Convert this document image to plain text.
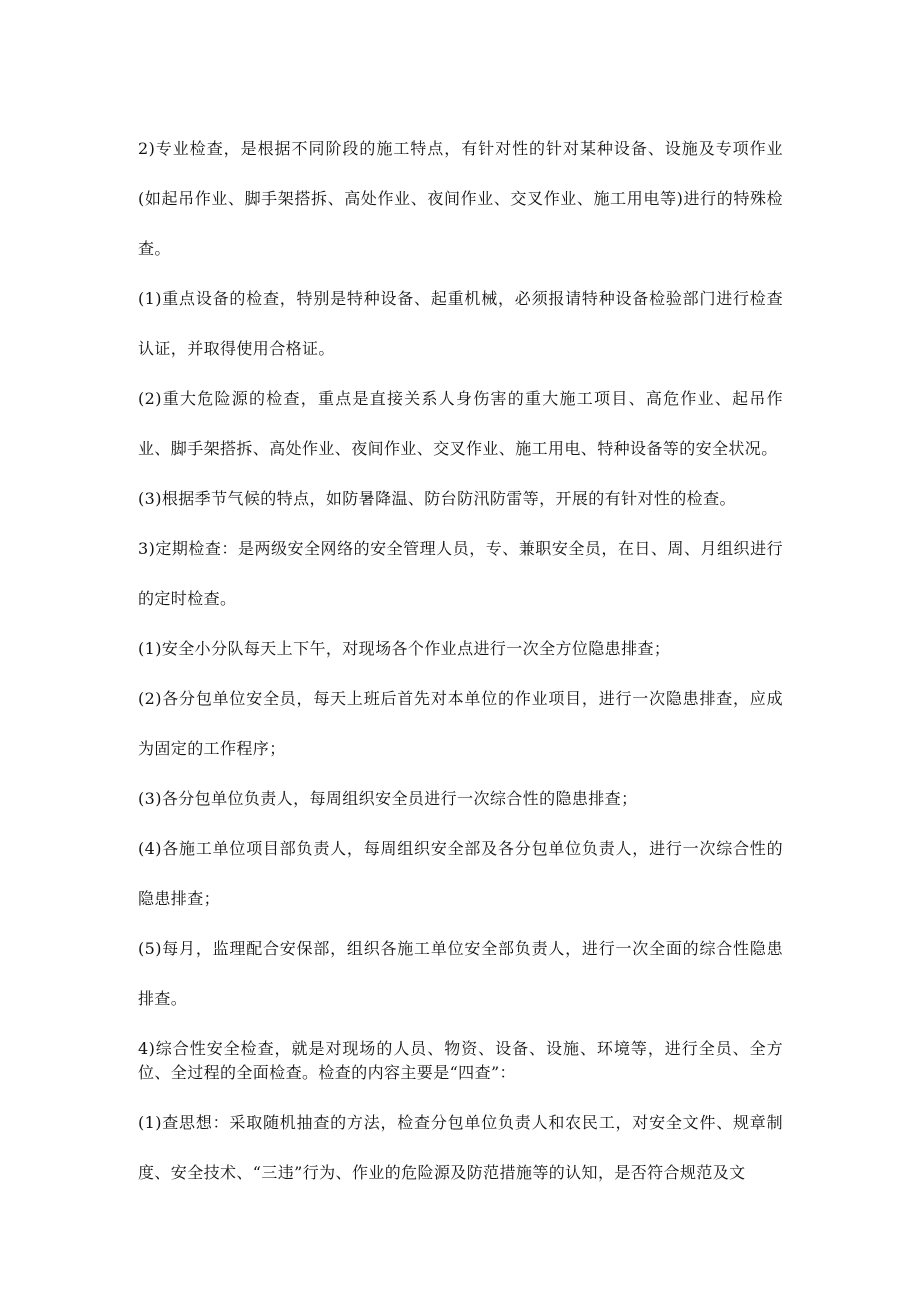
2)专业检查，是根据不同阶段的施工特点，有针对性的针对某种设备、设施及专项作业(如起吊作业、脚手架搭拆、高处作业、夜间作业、交叉作业、施工用电等)进行的特殊检查。

(1)重点设备的检查，特别是特种设备、起重机械，必须报请特种设备检验部门进行检查认证，并取得使用合格证。

(2)重大危险源的检查，重点是直接关系人身伤害的重大施工项目、高危作业、起吊作业、脚手架搭拆、高处作业、夜间作业、交叉作业、施工用电、特种设备等的安全状况。

(3)根据季节气候的特点，如防暑降温、防台防汛防雷等，开展的有针对性的检查。

3)定期检查：是两级安全网络的安全管理人员，专、兼职安全员，在日、周、月组织进行的定时检查。

(1)安全小分队每天上下午，对现场各个作业点进行一次全方位隐患排查；

(2)各分包单位安全员，每天上班后首先对本单位的作业项目，进行一次隐患排查，应成为固定的工作程序；

(3)各分包单位负责人，每周组织安全员进行一次综合性的隐患排查；

(4)各施工单位项目部负责人，每周组织安全部及各分包单位负责人，进行一次综合性的隐患排查；

(5)每月，监理配合安保部，组织各施工单位安全部负责人，进行一次全面的综合性隐患排查。

4)综合性安全检查，就是对现场的人员、物资、设备、设施、环境等，进行全员、全方位、全过程的全面检查。检查的内容主要是“四查”：

(1)查思想：采取随机抽查的方法，检查分包单位负责人和农民工，对安全文件、规章制度、安全技术、“三违”行为、作业的危险源及防范措施等的认知，是否符合规范及文
